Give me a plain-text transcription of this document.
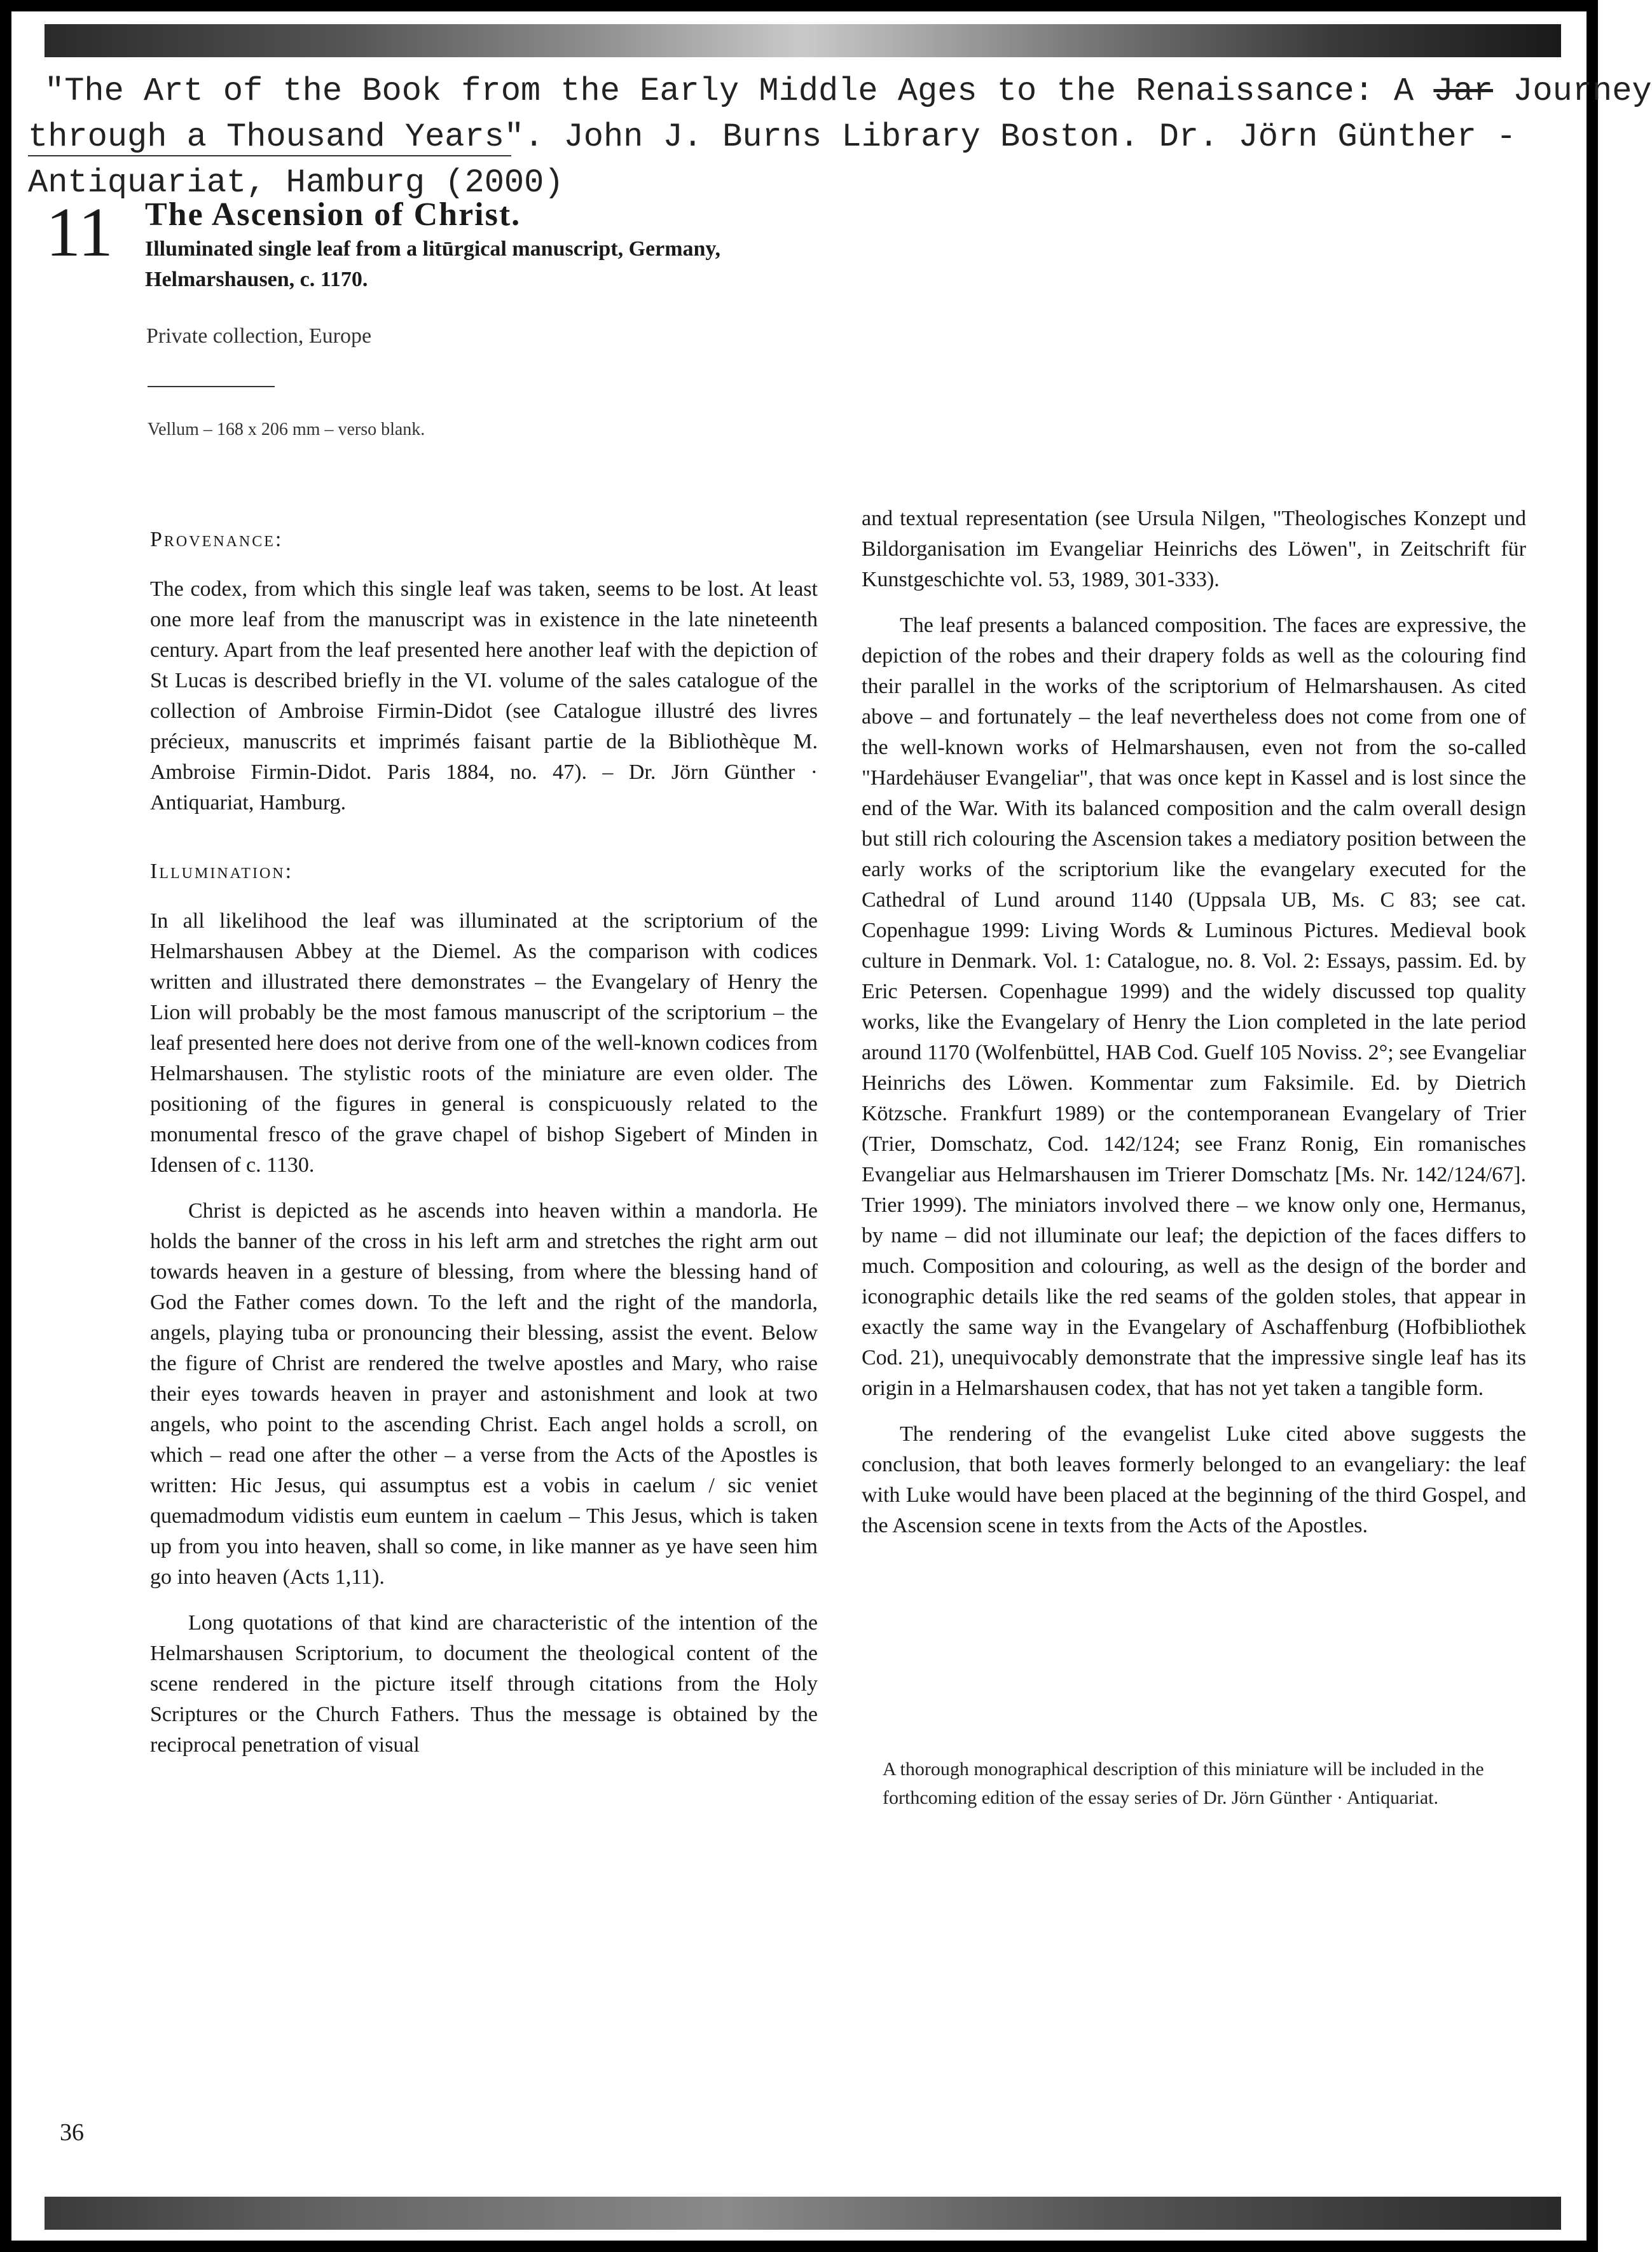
"The Art of the Book from the Early Middle Ages to the Renaissance: A Jar Journey
through a Thousand Years". John J. Burns Library Boston. Dr. Jörn Günther -
Antiquariat, Hamburg (2000)
11 The Ascension of Christ.
Illuminated single leaf from a litūrgical manuscript, Germany, Helmarshausen, c. 1170.
Private collection, Europe
Vellum – 168 x 206 mm – verso blank.
Provenance:

The codex, from which this single leaf was taken, seems to be lost. At least one more leaf from the manuscript was in existence in the late nineteenth century. Apart from the leaf presented here another leaf with the depiction of St Lucas is described briefly in the VI. volume of the sales catalogue of the collection of Ambroise Firmin-Didot (see Catalogue illustré des livres précieux, manuscrits et imprimés faisant partie de la Bibliothèque M. Ambroise Firmin-Didot. Paris 1884, no. 47). – Dr. Jörn Günther · Antiquariat, Hamburg.

Illumination:

In all likelihood the leaf was illuminated at the scriptorium of the Helmarshausen Abbey at the Diemel. As the comparison with codices written and illustrated there demonstrates – the Evangelary of Henry the Lion will probably be the most famous manuscript of the scriptorium – the leaf presented here does not derive from one of the well-known codices from Helmarshausen. The stylistic roots of the miniature are even older. The positioning of the figures in general is conspicuously related to the monumental fresco of the grave chapel of bishop Sigebert of Minden in Idensen of c. 1130.

Christ is depicted as he ascends into heaven within a mandorla. He holds the banner of the cross in his left arm and stretches the right arm out towards heaven in a gesture of blessing, from where the blessing hand of God the Father comes down. To the left and the right of the mandorla, angels, playing tuba or pronouncing their blessing, assist the event. Below the figure of Christ are rendered the twelve apostles and Mary, who raise their eyes towards heaven in prayer and astonishment and look at two angels, who point to the ascending Christ. Each angel holds a scroll, on which – read one after the other – a verse from the Acts of the Apostles is written: Hic Jesus, qui assumptus est a vobis in caelum / sic veniet quemadmodum vidistis eum euntem in caelum – This Jesus, which is taken up from you into heaven, shall so come, in like manner as ye have seen him go into heaven (Acts 1,11).

Long quotations of that kind are characteristic of the intention of the Helmarshausen Scriptorium, to document the theological content of the scene rendered in the picture itself through citations from the Holy Scriptures or the Church Fathers. Thus the message is obtained by the reciprocal penetration of visual

and textual representation (see Ursula Nilgen, "Theologisches Konzept und Bildorganisation im Evangeliar Heinrichs des Löwen", in Zeitschrift für Kunstgeschichte vol. 53, 1989, 301-333).

The leaf presents a balanced composition. The faces are expressive, the depiction of the robes and their drapery folds as well as the colouring find their parallel in the works of the scriptorium of Helmarshausen. As cited above – and fortunately – the leaf nevertheless does not come from one of the well-known works of Helmarshausen, even not from the so-called "Hardehäuser Evangeliar", that was once kept in Kassel and is lost since the end of the War. With its balanced composition and the calm overall design but still rich colouring the Ascension takes a mediatory position between the early works of the scriptorium like the evangelary executed for the Cathedral of Lund around 1140 (Uppsala UB, Ms. C 83; see cat. Copenhague 1999: Living Words & Luminous Pictures. Medieval book culture in Denmark. Vol. 1: Catalogue, no. 8. Vol. 2: Essays, passim. Ed. by Eric Petersen. Copenhague 1999) and the widely discussed top quality works, like the Evangelary of Henry the Lion completed in the late period around 1170 (Wolfenbüttel, HAB Cod. Guelf 105 Noviss. 2°; see Evangeliar Heinrichs des Löwen. Kommentar zum Faksimile. Ed. by Dietrich Kötzsche. Frankfurt 1989) or the contemporanean Evangelary of Trier (Trier, Domschatz, Cod. 142/124; see Franz Ronig, Ein romanisches Evangeliar aus Helmarshausen im Trierer Domschatz [Ms. Nr. 142/124/67]. Trier 1999). The miniators involved there – we know only one, Hermanus, by name – did not illuminate our leaf; the depiction of the faces differs to much. Composition and colouring, as well as the design of the border and iconographic details like the red seams of the golden stoles, that appear in exactly the same way in the Evangelary of Aschaffenburg (Hofbibliothek Cod. 21), unequivocably demonstrate that the impressive single leaf has its origin in a Helmarshausen codex, that has not yet taken a tangible form.

The rendering of the evangelist Luke cited above suggests the conclusion, that both leaves formerly belonged to an evangeliary: the leaf with Luke would have been placed at the beginning of the third Gospel, and the Ascension scene in texts from the Acts of the Apostles.

A thorough monographical description of this miniature will be included in the forthcoming edition of the essay series of Dr. Jörn Günther · Antiquariat.
36
